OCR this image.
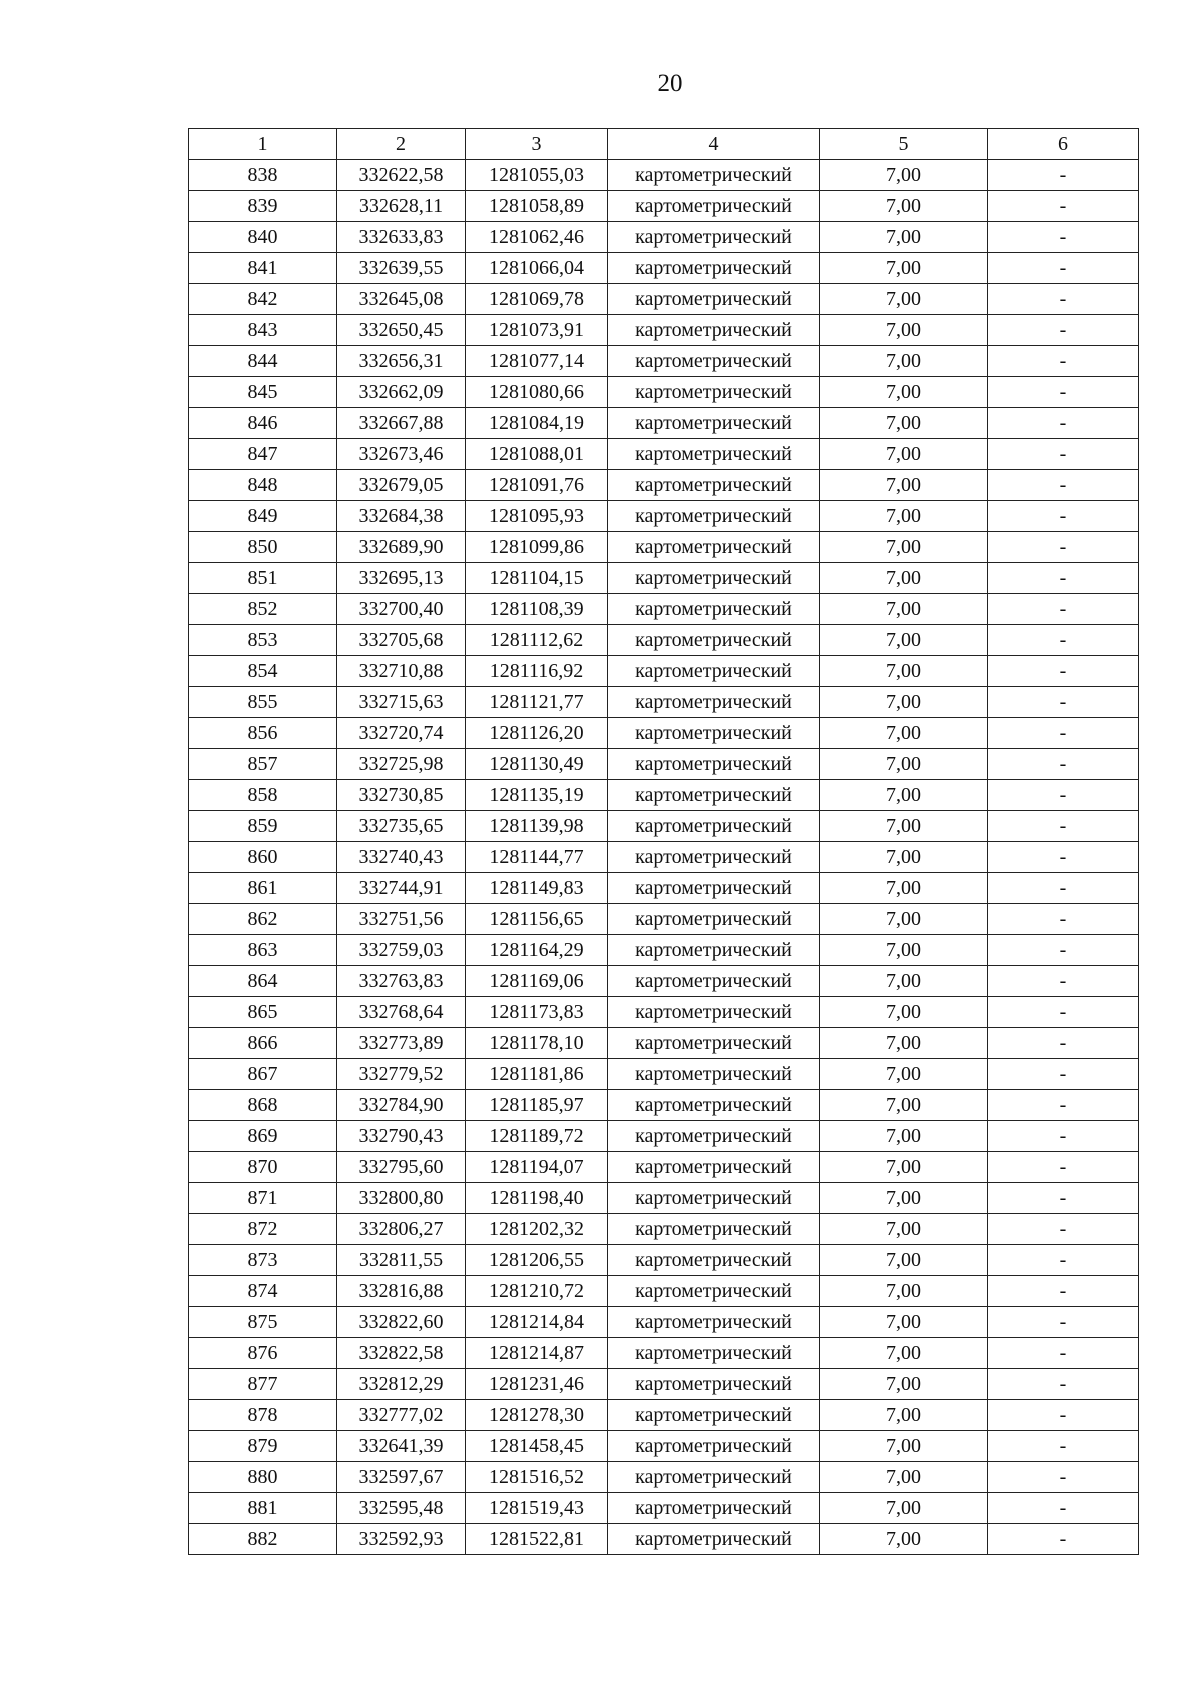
20
1	2	3	4	5	6
838	332622,58	1281055,03	картометрический	7,00	-
839	332628,11	1281058,89	картометрический	7,00	-
840	332633,83	1281062,46	картометрический	7,00	-
841	332639,55	1281066,04	картометрический	7,00	-
842	332645,08	1281069,78	картометрический	7,00	-
843	332650,45	1281073,91	картометрический	7,00	-
844	332656,31	1281077,14	картометрический	7,00	-
845	332662,09	1281080,66	картометрический	7,00	-
846	332667,88	1281084,19	картометрический	7,00	-
847	332673,46	1281088,01	картометрический	7,00	-
848	332679,05	1281091,76	картометрический	7,00	-
849	332684,38	1281095,93	картометрический	7,00	-
850	332689,90	1281099,86	картометрический	7,00	-
851	332695,13	1281104,15	картометрический	7,00	-
852	332700,40	1281108,39	картометрический	7,00	-
853	332705,68	1281112,62	картометрический	7,00	-
854	332710,88	1281116,92	картометрический	7,00	-
855	332715,63	1281121,77	картометрический	7,00	-
856	332720,74	1281126,20	картометрический	7,00	-
857	332725,98	1281130,49	картометрический	7,00	-
858	332730,85	1281135,19	картометрический	7,00	-
859	332735,65	1281139,98	картометрический	7,00	-
860	332740,43	1281144,77	картометрический	7,00	-
861	332744,91	1281149,83	картометрический	7,00	-
862	332751,56	1281156,65	картометрический	7,00	-
863	332759,03	1281164,29	картометрический	7,00	-
864	332763,83	1281169,06	картометрический	7,00	-
865	332768,64	1281173,83	картометрический	7,00	-
866	332773,89	1281178,10	картометрический	7,00	-
867	332779,52	1281181,86	картометрический	7,00	-
868	332784,90	1281185,97	картометрический	7,00	-
869	332790,43	1281189,72	картометрический	7,00	-
870	332795,60	1281194,07	картометрический	7,00	-
871	332800,80	1281198,40	картометрический	7,00	-
872	332806,27	1281202,32	картометрический	7,00	-
873	332811,55	1281206,55	картометрический	7,00	-
874	332816,88	1281210,72	картометрический	7,00	-
875	332822,60	1281214,84	картометрический	7,00	-
876	332822,58	1281214,87	картометрический	7,00	-
877	332812,29	1281231,46	картометрический	7,00	-
878	332777,02	1281278,30	картометрический	7,00	-
879	332641,39	1281458,45	картометрический	7,00	-
880	332597,67	1281516,52	картометрический	7,00	-
881	332595,48	1281519,43	картометрический	7,00	-
882	332592,93	1281522,81	картометрический	7,00	-
